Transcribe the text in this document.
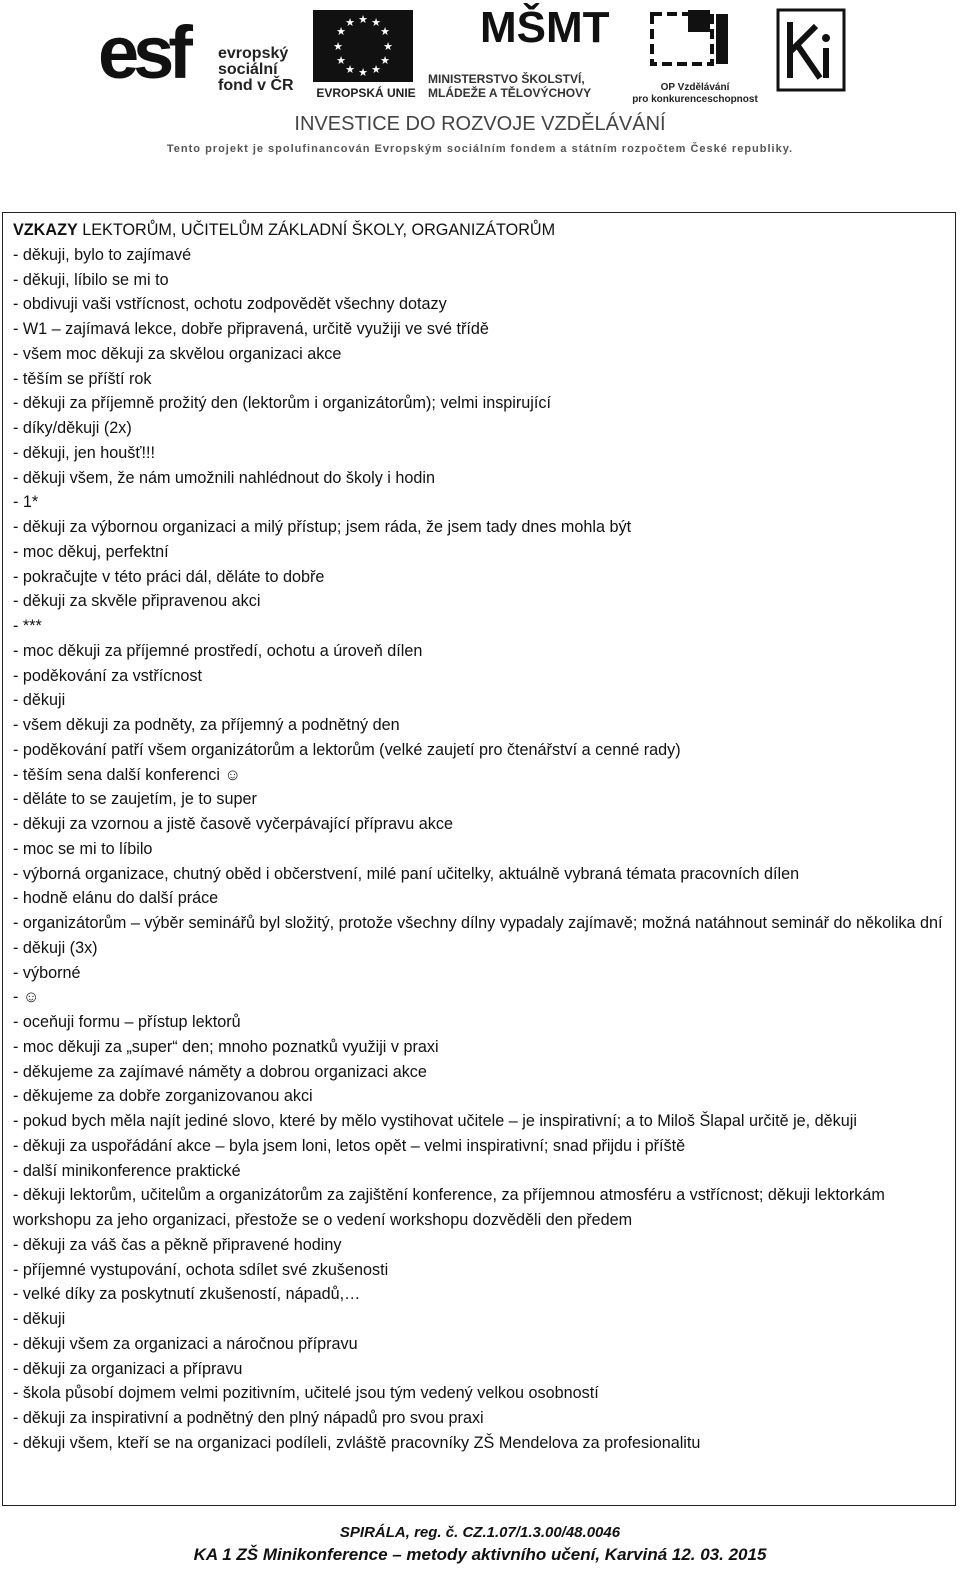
esf evropský
sociální
fond v ČR
★ ★
★
★
★
★
★
★
★
★
★
★
EVROPSKÁ UNIE
MŠMT
MINISTERSTVO ŠKOLSTVÍ,
MLÁDEŽE A TĚLOVÝCHOVY	OP Vzdělávání
pro konkurenceschopnost
INVESTICE DO ROZVOJE VZDĚLÁVÁNÍ
Tento projekt je spolufinancován Evropským sociálním fondem a státním rozpočtem České republiky.

VZKAZY LEKTORŮM, UČITELŮM ZÁKLADNÍ ŠKOLY, ORGANIZÁTORŮM

- děkuji, bylo to zajímavé
- děkuji, líbilo se mi to
- obdivuji vaši vstřícnost, ochotu zodpovědět všechny dotazy
- W1 – zajímavá lekce, dobře připravená, určitě využiji ve své třídě
- všem moc děkuji za skvělou organizaci akce
- těším se příští rok
- děkuji za příjemně prožitý den (lektorům i organizátorům); velmi inspirující
- díky/děkuji (2x)
- děkuji, jen houšť!!!
- děkuji všem, že nám umožnili nahlédnout do školy i hodin
- 1*
- děkuji za výbornou organizaci a milý přístup; jsem ráda, že jsem tady dnes mohla být
- moc děkuj, perfektní
- pokračujte v této práci dál, děláte to dobře
- děkuji za skvěle připravenou akci
- ***
- moc děkuji za příjemné prostředí, ochotu a úroveň dílen
- poděkování za vstřícnost
- děkuji
- všem děkuji za podněty, za příjemný a podnětný den
- poděkování patří všem organizátorům a lektorům (velké zaujetí pro čtenářství a cenné rady)
- těším sena další konferenci ☺
- děláte to se zaujetím, je to super
- děkuji za vzornou a jistě časově vyčerpávající přípravu akce
- moc se mi to líbilo
- výborná organizace, chutný oběd i občerstvení, milé paní učitelky, aktuálně vybraná témata pracovních dílen
- hodně elánu do další práce
- organizátorům – výběr seminářů byl složitý, protože všechny dílny vypadaly zajímavě; možná natáhnout seminář do několika dní
- děkuji (3x)
- výborné
- ☺
- oceňuji formu – přístup lektorů
- moc děkuji za „super“ den; mnoho poznatků využiji v praxi
- děkujeme za zajímavé náměty a dobrou organizaci akce
- děkujeme za dobře zorganizovanou akci
- pokud bych měla najít jediné slovo, které by mělo vystihovat učitele – je inspirativní; a to Miloš Šlapal určitě je, děkuji
- děkuji za uspořádání akce – byla jsem loni, letos opět – velmi inspirativní; snad přijdu i příště
- další minikonference praktické
- děkuji lektorům, učitelům a organizátorům za zajištění konference, za příjemnou atmosféru a vstřícnost; děkuji lektorkám workshopu za jeho organizaci, přestože se o vedení workshopu dozvěděli den předem
- děkuji za váš čas a pěkně připravené hodiny
- příjemné vystupování, ochota sdílet své zkušenosti
- velké díky za poskytnutí zkušeností, nápadů,…
- děkuji
- děkuji všem za organizaci a náročnou přípravu
- děkuji za organizaci a přípravu
- škola působí dojmem velmi pozitivním, učitelé jsou tým vedený velkou osobností
- děkuji za inspirativní a podnětný den plný nápadů pro svou praxi
- děkuji všem, kteří se na organizaci podíleli, zvláště pracovníky ZŠ Mendelova za profesionalitu
SPIRÁLA, reg. č. CZ.1.07/1.3.00/48.0046
KA 1 ZŠ Minikonference – metody aktivního učení, Karviná 12. 03. 2015
